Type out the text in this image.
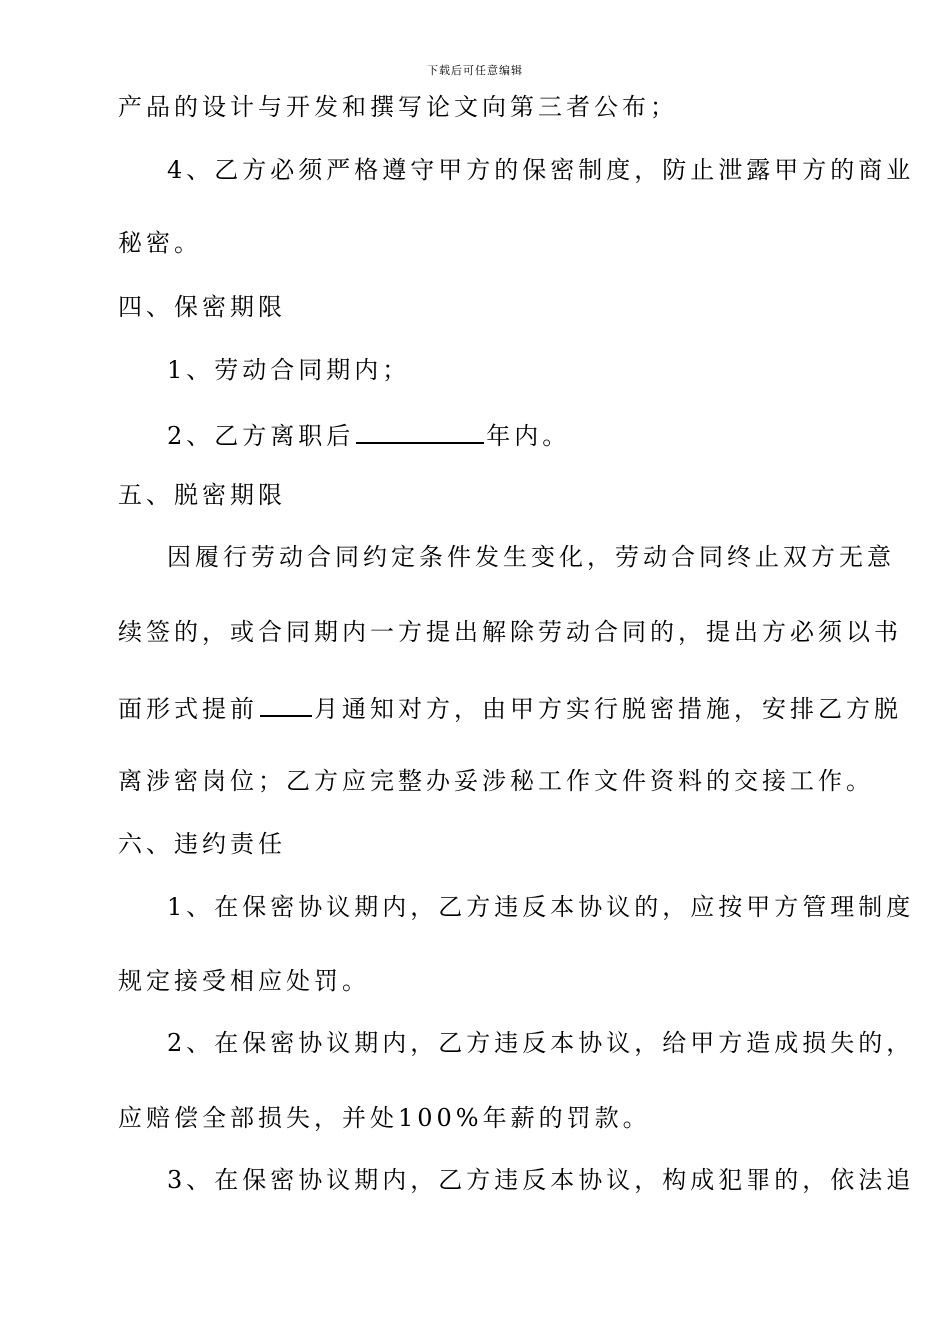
下载后可任意编辑
产品的设计与开发和撰写论文向第三者公布；
4、乙方必须严格遵守甲方的保密制度，防止泄露甲方的商业
秘密。
四、保密期限
1、劳动合同期内；
2、乙方离职后	年内。
五、脱密期限
因履行劳动合同约定条件发生变化，劳动合同终止双方无意
续签的，或合同期内一方提出解除劳动合同的，提出方必须以书
面形式提前 月通知对方，由甲方实行脱密措施，安排乙方脱
离涉密岗位；乙方应完整办妥涉秘工作文件资料的交接工作。
六、违约责任
1、在保密协议期内，乙方违反本协议的，应按甲方管理制度
规定接受相应处罚。
2、在保密协议期内，乙方违反本协议，给甲方造成损失的，
应赔偿全部损失，并处100%年薪的罚款。
3、在保密协议期内，乙方违反本协议，构成犯罪的，依法追
